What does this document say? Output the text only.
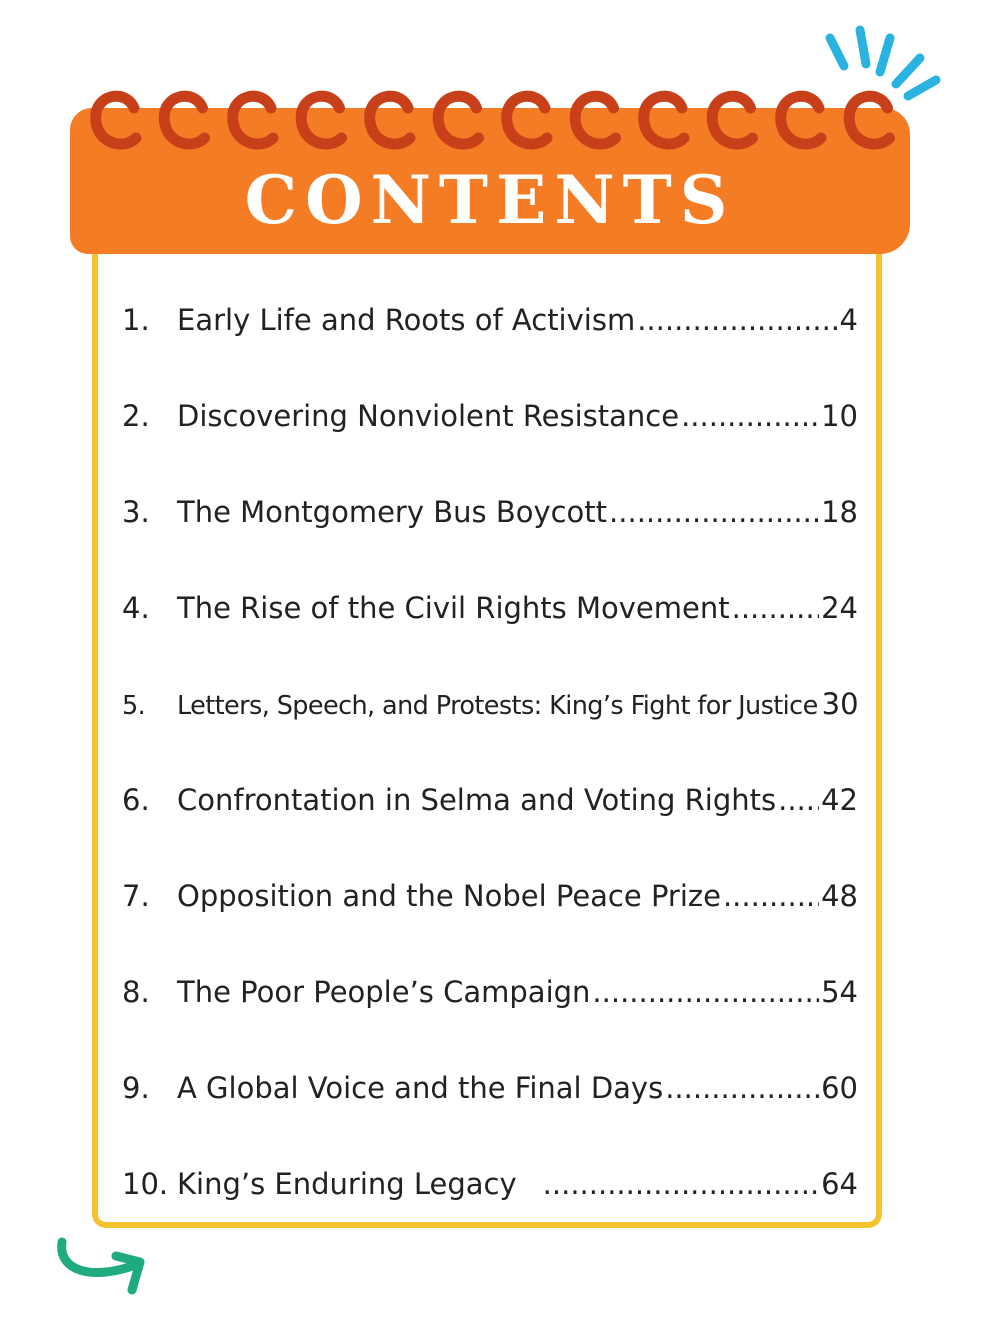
CONTENTS
1. Early Life and Roots of Activism .....	4
2. Discovering Nonviolent Resistance .....	10
3. The Montgomery Bus Boycott .....	18
4. The Rise of the Civil Rights Movement .....	24
5.	Letters, Speech, and Protests: King’s Fight for Justice 30
6. Confrontation in Selma and Voting Rights ..... 42
7. Opposition and the Nobel Peace Prize .....	48
8. The Poor People’s Campaign .....	54
9. A Global Voice and the Final Days .....	60
10. King’s Enduring Legacy .....	64
